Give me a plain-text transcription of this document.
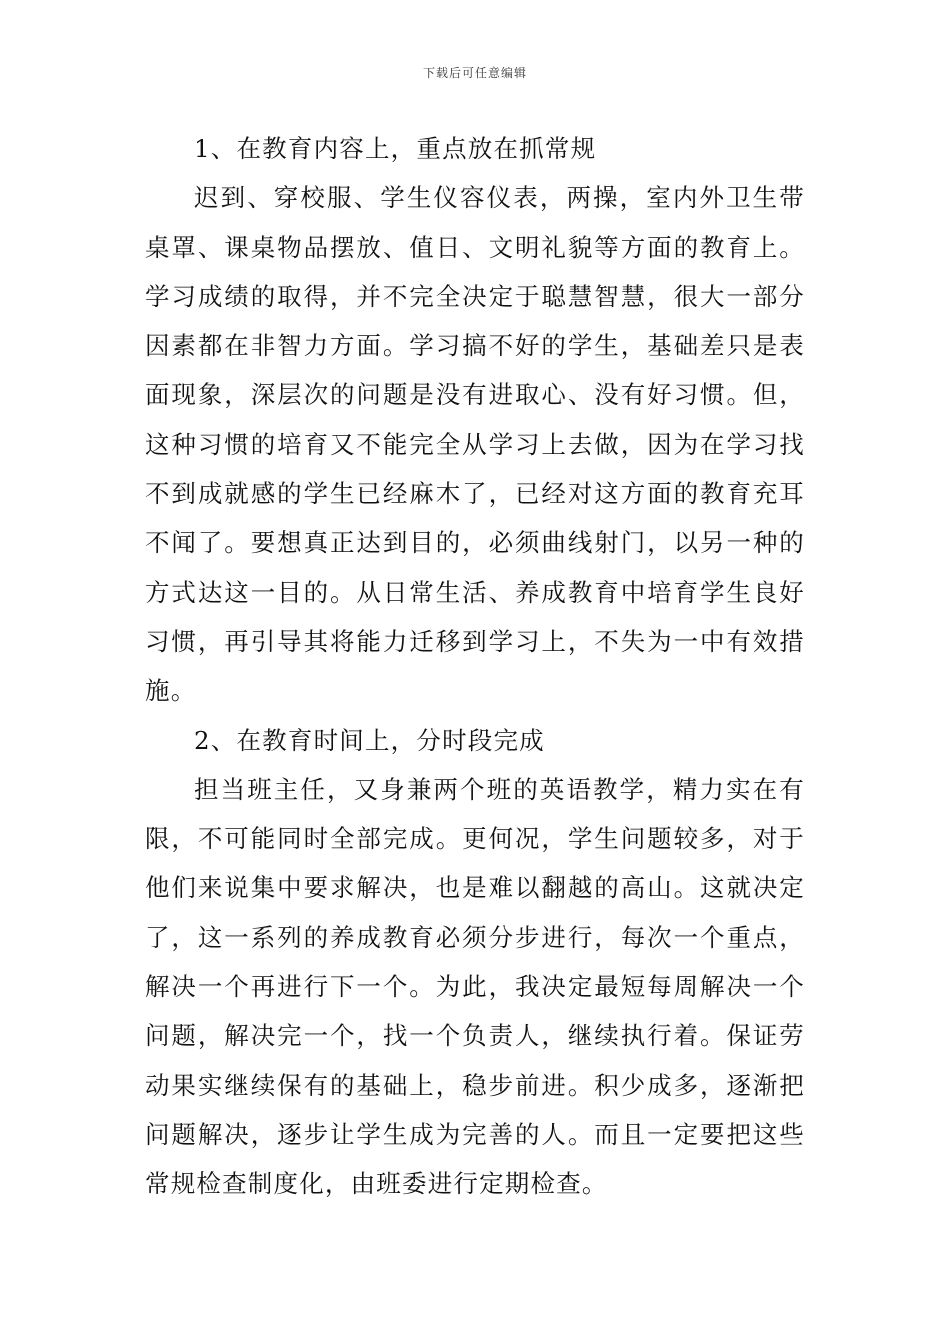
下载后可任意编辑

1、在教育内容上，重点放在抓常规

迟到、穿校服、学生仪容仪表，两操，室内外卫生带桌罩、课桌物品摆放、值日、文明礼貌等方面的教育上。学习成绩的取得，并不完全决定于聪慧智慧，很大一部分因素都在非智力方面。学习搞不好的学生，基础差只是表面现象，深层次的问题是没有进取心、没有好习惯。但，这种习惯的培育又不能完全从学习上去做，因为在学习找不到成就感的学生已经麻木了，已经对这方面的教育充耳不闻了。要想真正达到目的，必须曲线射门，以另一种的方式达这一目的。从日常生活、养成教育中培育学生良好习惯，再引导其将能力迁移到学习上，不失为一中有效措施。

2、在教育时间上，分时段完成

担当班主任，又身兼两个班的英语教学，精力实在有限，不可能同时全部完成。更何况，学生问题较多，对于他们来说集中要求解决，也是难以翻越的高山。这就决定了，这一系列的养成教育必须分步进行，每次一个重点，解决一个再进行下一个。为此，我决定最短每周解决一个问题，解决完一个，找一个负责人，继续执行着。保证劳动果实继续保有的基础上，稳步前进。积少成多，逐渐把问题解决，逐步让学生成为完善的人。而且一定要把这些常规检查制度化，由班委进行定期检查。
